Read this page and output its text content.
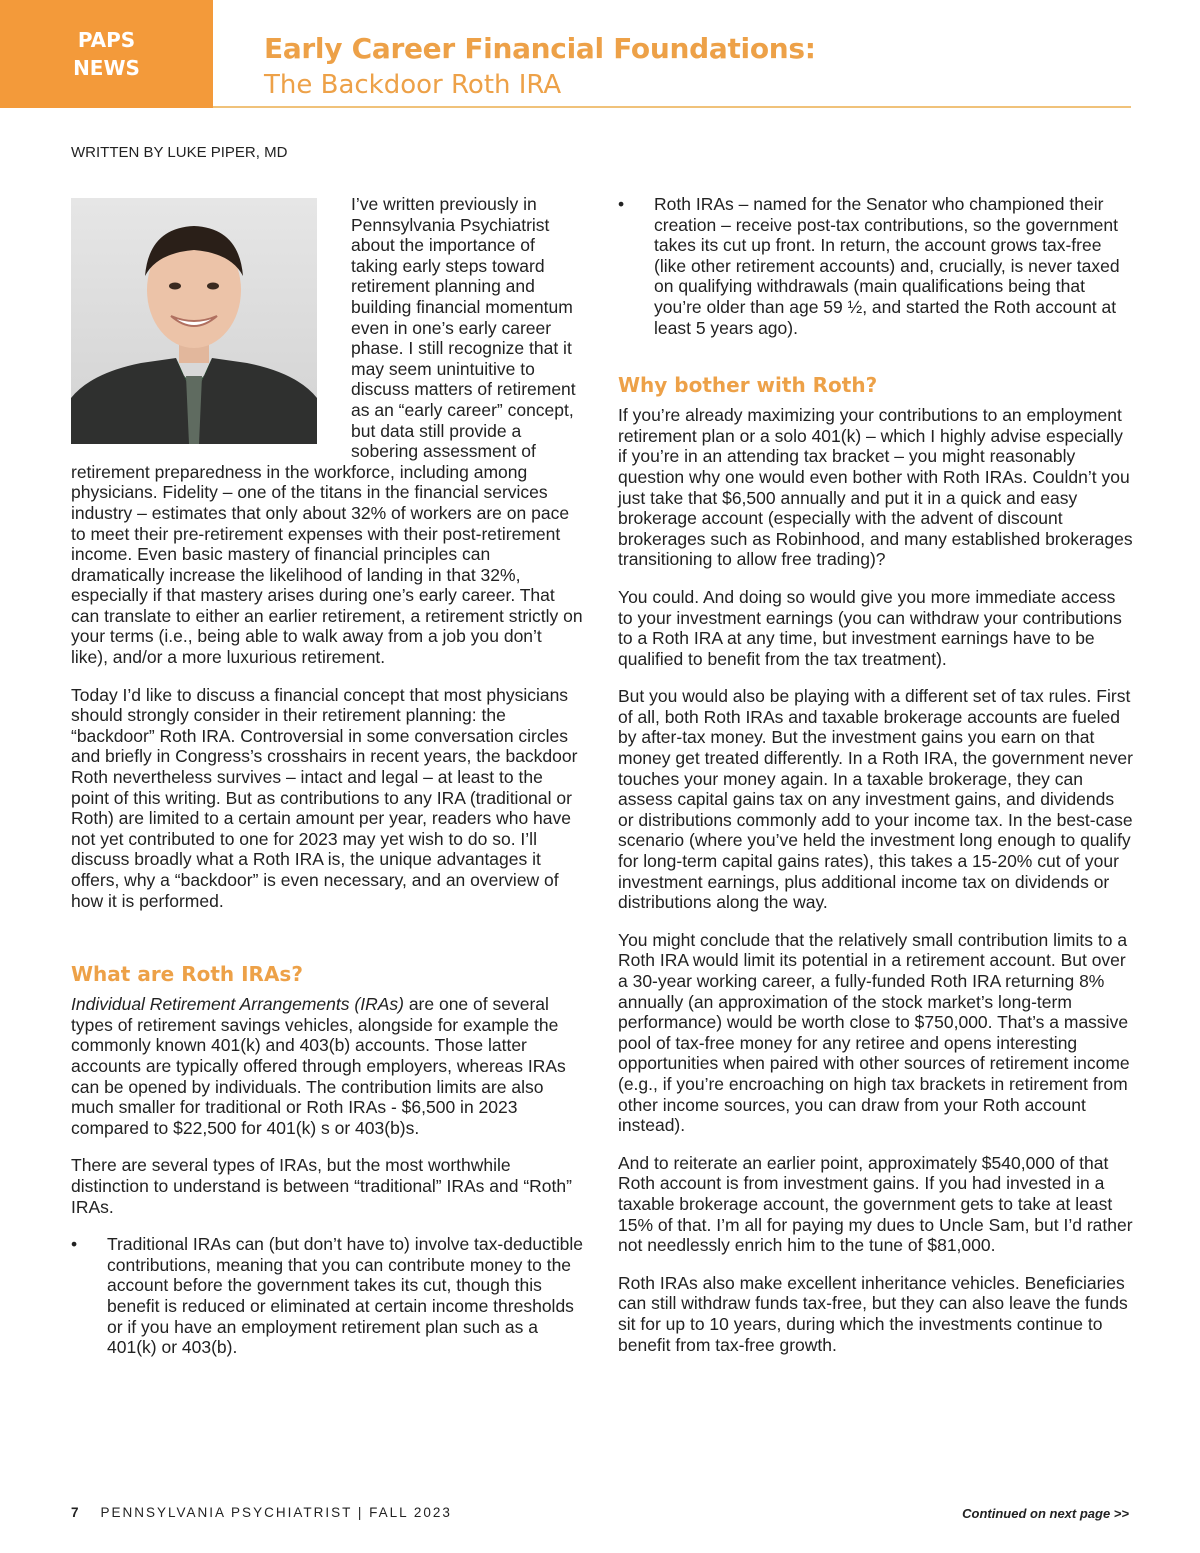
PAPS
NEWS
Early Career Financial Foundations:
The Backdoor Roth IRA
WRITTEN BY LUKE PIPER, MD

I’ve written previously in Pennsylvania Psychiatrist about the importance of taking early steps toward retirement planning and building financial momentum even in one’s early career phase. I still recognize that it may seem unintuitive to discuss matters of retirement as an “early career” concept, but data still provide a sobering assessment of retirement preparedness in the workforce, including among physicians. Fidelity – one of the titans in the financial services industry – estimates that only about 32% of workers are on pace to meet their pre-retirement expenses with their post-retirement income. Even basic mastery of financial principles can dramatically increase the likelihood of landing in that 32%, especially if that mastery arises during one’s early career. That can translate to either an earlier retirement, a retirement strictly on your terms (i.e., being able to walk away from a job you don’t like), and/or a more luxurious retirement.

Today I’d like to discuss a financial concept that most physicians should strongly consider in their retirement planning: the “backdoor” Roth IRA. Controversial in some conversation circles and briefly in Congress’s crosshairs in recent years, the backdoor Roth nevertheless survives – intact and legal – at least to the point of this writing. But as contributions to any IRA (traditional or Roth) are limited to a certain amount per year, readers who have not yet contributed to one for 2023 may yet wish to do so. I’ll discuss broadly what a Roth IRA is, the unique advantages it offers, why a “backdoor” is even necessary, and an overview of how it is performed.

What are Roth IRAs?

Individual Retirement Arrangements (IRAs) are one of several types of retirement savings vehicles, alongside for example the commonly known 401(k) and 403(b) accounts. Those latter accounts are typically offered through employers, whereas IRAs can be opened by individuals. The contribution limits are also much smaller for traditional or Roth IRAs - $6,500 in 2023 compared to $22,500 for 401(k) s or 403(b)s.

There are several types of IRAs, but the most worthwhile distinction to understand is between “traditional” IRAs and “Roth” IRAs.

•	Traditional IRAs can (but don’t have to) involve tax-deductible contributions, meaning that you can contribute money to the account before the government takes its cut, though this benefit is reduced or eliminated at certain income thresholds or if you have an employment retirement plan such as a 401(k) or 403(b).
•	Roth IRAs – named for the Senator who championed their creation – receive post-tax contributions, so the government takes its cut up front. In return, the account grows tax-free (like other retirement accounts) and, crucially, is never taxed on qualifying withdrawals (main qualifications being that you’re older than age 59 ½, and started the Roth account at least 5 years ago).
Why bother with Roth?

If you’re already maximizing your contributions to an employment retirement plan or a solo 401(k) – which I highly advise especially if you’re in an attending tax bracket – you might reasonably question why one would even bother with Roth IRAs. Couldn’t you just take that $6,500 annually and put it in a quick and easy brokerage account (especially with the advent of discount brokerages such as Robinhood, and many established brokerages transitioning to allow free trading)?

You could. And doing so would give you more immediate access to your investment earnings (you can withdraw your contributions to a Roth IRA at any time, but investment earnings have to be qualified to benefit from the tax treatment).

But you would also be playing with a different set of tax rules. First of all, both Roth IRAs and taxable brokerage accounts are fueled by after-tax money. But the investment gains you earn on that money get treated differently. In a Roth IRA, the government never touches your money again. In a taxable brokerage, they can assess capital gains tax on any investment gains, and dividends or distributions commonly add to your income tax. In the best-case scenario (where you’ve held the investment long enough to qualify for long-term capital gains rates), this takes a 15-20% cut of your investment earnings, plus additional income tax on dividends or distributions along the way.

You might conclude that the relatively small contribution limits to a Roth IRA would limit its potential in a retirement account. But over a 30-year working career, a fully-funded Roth IRA returning 8% annually (an approximation of the stock market’s long-term performance) would be worth close to $750,000. That’s a massive pool of tax-free money for any retiree and opens interesting opportunities when paired with other sources of retirement income (e.g., if you’re encroaching on high tax brackets in retirement from other income sources, you can draw from your Roth account instead).

And to reiterate an earlier point, approximately $540,000 of that Roth account is from investment gains. If you had invested in a taxable brokerage account, the government gets to take at least 15% of that. I’m all for paying my dues to Uncle Sam, but I’d rather not needlessly enrich him to the tune of $81,000.

Roth IRAs also make excellent inheritance vehicles. Beneficiaries can still withdraw funds tax-free, but they can also leave the funds sit for up to 10 years, during which the investments continue to benefit from tax-free growth.

7 PENNSYLVANIA PSYCHIATRIST | FALL 2023	Continued on next page >>
